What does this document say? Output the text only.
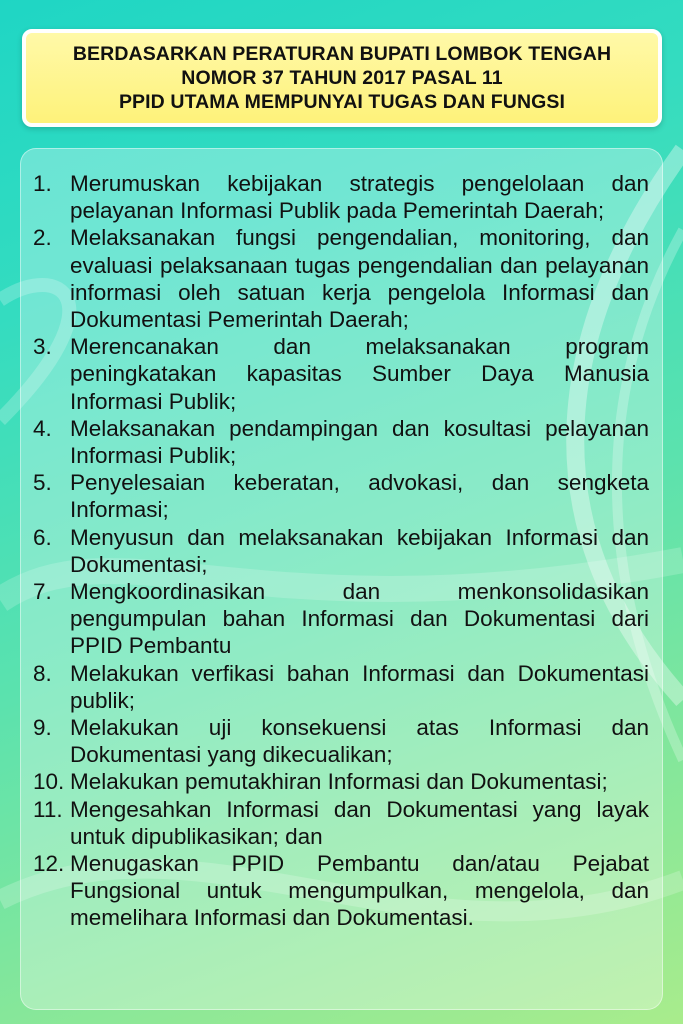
BERDASARKAN PERATURAN BUPATI LOMBOK TENGAH
NOMOR 37 TAHUN 2017 PASAL 11
PPID UTAMA MEMPUNYAI TUGAS DAN FUNGSI
1. Merumuskan kebijakan strategis pengelolaan dan pelayanan Informasi Publik pada Pemerintah Daerah;
2. Melaksanakan fungsi pengendalian, monitoring, dan evaluasi pelaksanaan tugas pengendalian dan pelayanan informasi oleh satuan kerja pengelola Informasi dan Dokumentasi Pemerintah Daerah;
3. Merencanakan dan melaksanakan program peningkatakan kapasitas Sumber Daya Manusia Informasi Publik;
4. Melaksanakan pendampingan dan kosultasi pelayanan Informasi Publik;
5. Penyelesaian keberatan, advokasi, dan sengketa Informasi;
6. Menyusun dan melaksanakan kebijakan Informasi dan Dokumentasi;
7. Mengkoordinasikan dan menkonsolidasikan pengumpulan bahan Informasi dan Dokumentasi dari PPID Pembantu
8. Melakukan verfikasi bahan Informasi dan Dokumentasi publik;
9. Melakukan uji konsekuensi atas Informasi dan Dokumentasi yang dikecualikan;
10. Melakukan pemutakhiran Informasi dan Dokumentasi;
11. Mengesahkan Informasi dan Dokumentasi yang layak untuk dipublikasikan; dan
12. Menugaskan PPID Pembantu dan/atau Pejabat Fungsional untuk mengumpulkan, mengelola, dan memelihara Informasi dan Dokumentasi.
